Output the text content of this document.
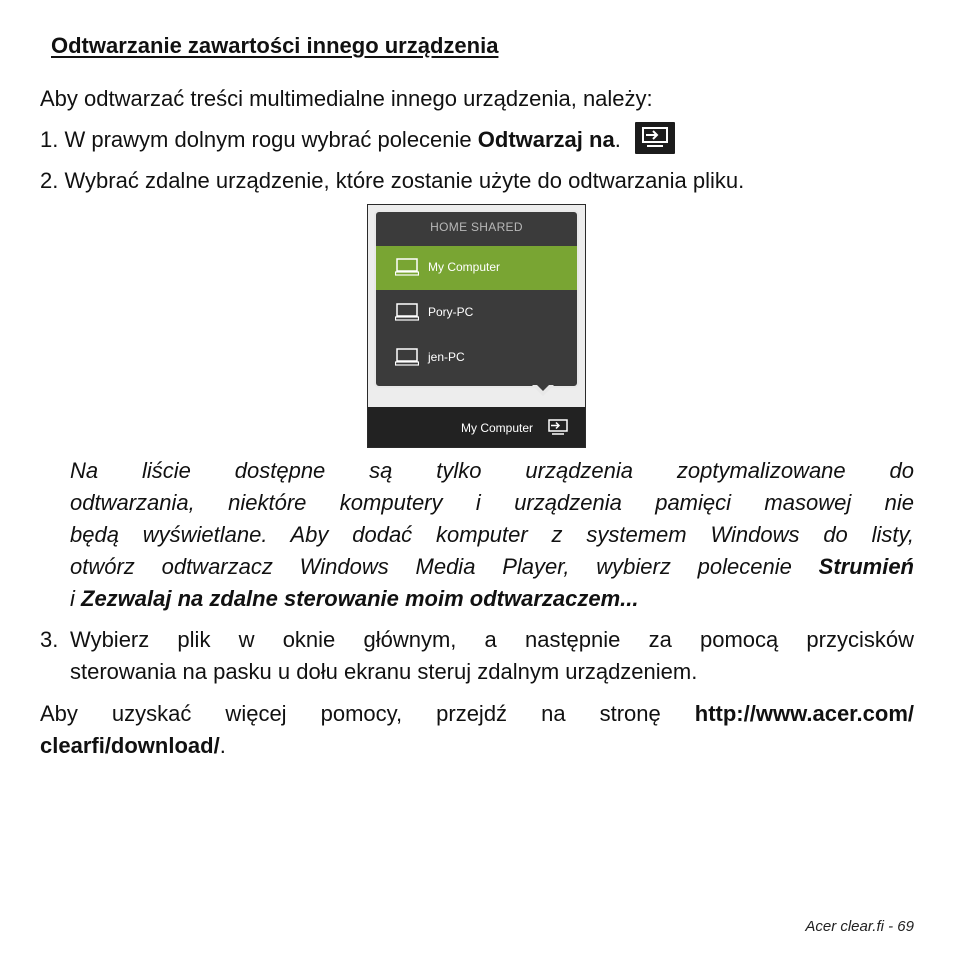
Odtwarzanie zawartości innego urządzenia
Aby odtwarzać treści multimedialne innego urządzenia, należy:
1. W prawym dolnym rogu wybrać polecenie Odtwarzaj na.
2. Wybrać zdalne urządzenie, które zostanie użyte do odtwarzania pliku.
HOME SHARED
My Computer
Pory-PC
jen-PC
My Computer
Na liście dostępne są tylko urządzenia zoptymalizowane do
odtwarzania, niektóre komputery i urządzenia pamięci masowej nie
będą wyświetlane. Aby dodać komputer z systemem Windows do listy,
otwórz odtwarzacz Windows Media Player, wybierz polecenie Strumień
i Zezwalaj na zdalne sterowanie moim odtwarzaczem...
3. Wybierz plik w oknie głównym, a następnie za pomocą przycisków
sterowania na pasku u dołu ekranu steruj zdalnym urządzeniem.
Aby uzyskać więcej pomocy, przejdź na stronę http://www.acer.com/
clearfi/download/.
Acer clear.fi - 69
